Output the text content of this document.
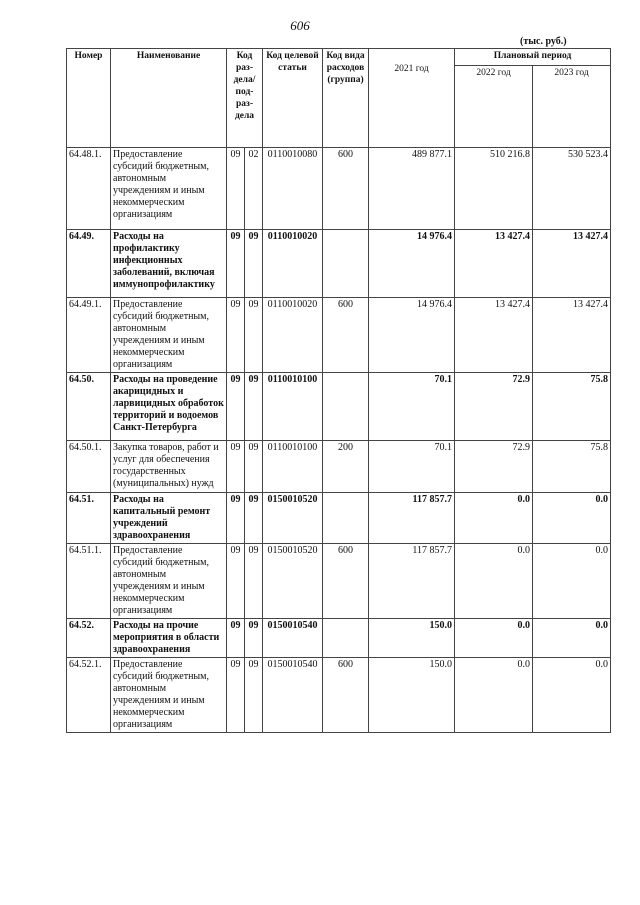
606
(тыс. руб.)
Номер	Наименование	Код раз-дела/ под-раз-дела		Код целевой статьи	Код вида расходов (группа)	2021 год	Плановый период	
							2022 год	2023 год
64.48.1.	Предоставление субсидий бюджетным, автономным учреждениям и иным некоммерческим организациям	09	02	0110010080	600	489 877.1	510 216.8	530 523.4
64.49.	Расходы на профилактику инфекционных заболеваний, включая иммунопрофилактику	09	09	0110010020		14 976.4	13 427.4	13 427.4
64.49.1.	Предоставление субсидий бюджетным, автономным учреждениям и иным некоммерческим организациям	09	09	0110010020	600	14 976.4	13 427.4	13 427.4
64.50.	Расходы на проведение акарицидных и ларвицидных обработок территорий и водоемов Санкт-Петербурга	09	09	0110010100		70.1	72.9	75.8
64.50.1.	Закупка товаров, работ и услуг для обеспечения государственных (муниципальных) нужд	09	09	0110010100	200	70.1	72.9	75.8
64.51.	Расходы на капитальный ремонт учреждений здравоохранения	09	09	0150010520		117 857.7	0.0	0.0
64.51.1.	Предоставление субсидий бюджетным, автономным учреждениям и иным некоммерческим организациям	09	09	0150010520	600	117 857.7	0.0	0.0
64.52.	Расходы на прочие мероприятия в области здравоохранения	09	09	0150010540		150.0	0.0	0.0
64.52.1.	Предоставление субсидий бюджетным, автономным учреждениям и иным некоммерческим организациям	09	09	0150010540	600	150.0	0.0	0.0
